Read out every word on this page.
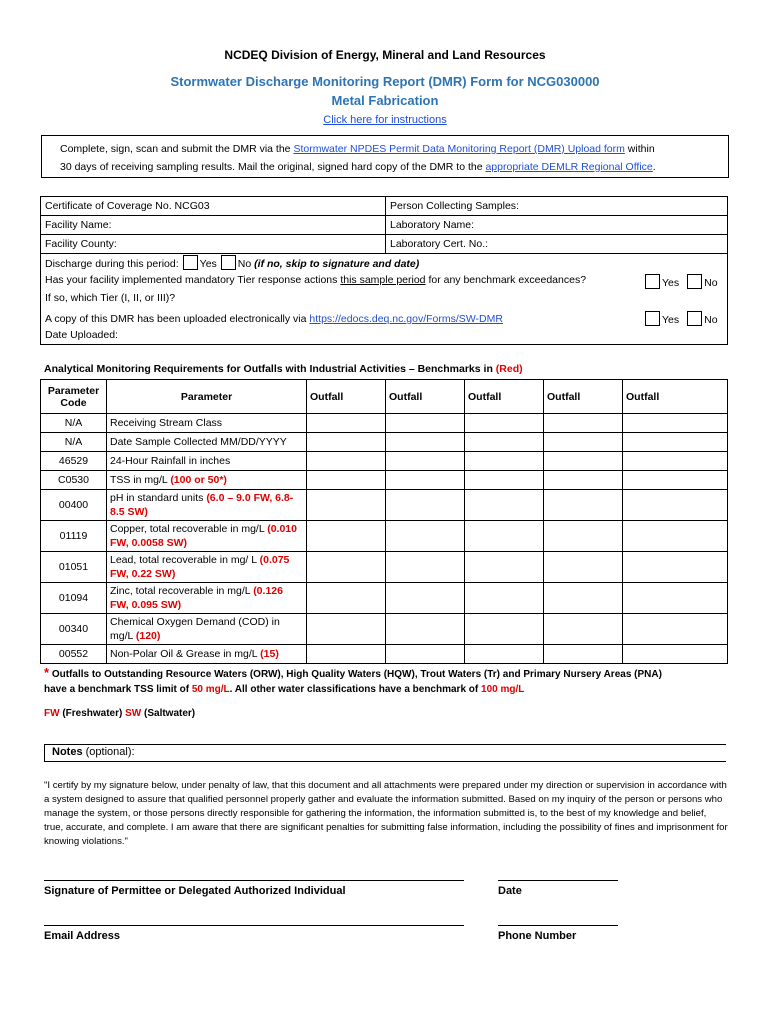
NCDEQ Division of Energy, Mineral and Land Resources
Stormwater Discharge Monitoring Report (DMR) Form for NCG030000
Metal Fabrication
Click here for instructions
Complete, sign, scan and submit the DMR via the Stormwater NPDES Permit Data Monitoring Report (DMR) Upload form within
30 days of receiving sampling results. Mail the original, signed hard copy of the DMR to the appropriate DEMLR Regional Office.
Certificate of Coverage No. NCG03	Person Collecting Samples:
Facility Name:	Laboratory Name:
Facility County:	Laboratory Cert. No.:
Discharge during this period: Yes No (if no, skip to signature and date)
Has your facility implemented mandatory Tier response actions this sample period for any benchmark exceedances?	Yes No
If so, which Tier (I, II, or III)?
A copy of this DMR has been uploaded electronically via https://edocs.deq.nc.gov/Forms/SW-DMR	Yes No
Date Uploaded:
Analytical Monitoring Requirements for Outfalls with Industrial Activities – Benchmarks in (Red)
Parameter Code	Parameter	Outfall	Outfall	Outfall	Outfall	Outfall
N/A	Receiving Stream Class					
N/A	Date Sample Collected MM/DD/YYYY					
46529	24-Hour Rainfall in inches					
C0530	TSS in mg/L (100 or 50*)					
00400	pH in standard units (6.0 – 9.0 FW, 6.8-8.5 SW)					
01119	Copper, total recoverable in mg/L (0.010 FW, 0.0058 SW)					
01051	Lead, total recoverable in mg/ L (0.075 FW, 0.22 SW)					
01094	Zinc, total recoverable in mg/L (0.126 FW, 0.095 SW)					
00340	Chemical Oxygen Demand (COD) in mg/L (120)					
00552	Non-Polar Oil & Grease in mg/L (15)					
* Outfalls to Outstanding Resource Waters (ORW), High Quality Waters (HQW), Trout Waters (Tr) and Primary Nursery Areas (PNA)
have a benchmark TSS limit of 50 mg/L. All other water classifications have a benchmark of 100 mg/L
FW (Freshwater) SW (Saltwater)
Notes (optional):
"I certify by my signature below, under penalty of law, that this document and all attachments were prepared under my direction or supervision in accordance with a system designed to assure that qualified personnel properly gather and evaluate the information submitted. Based on my inquiry of the person or persons who manage the system, or those persons directly responsible for gathering the information, the information submitted is, to the best of my knowledge and belief, true, accurate, and complete. I am aware that there are significant penalties for submitting false information, including the possibility of fines and imprisonment for knowing violations."
Signature of Permittee or Delegated Authorized Individual	Date
Email Address	Phone Number
